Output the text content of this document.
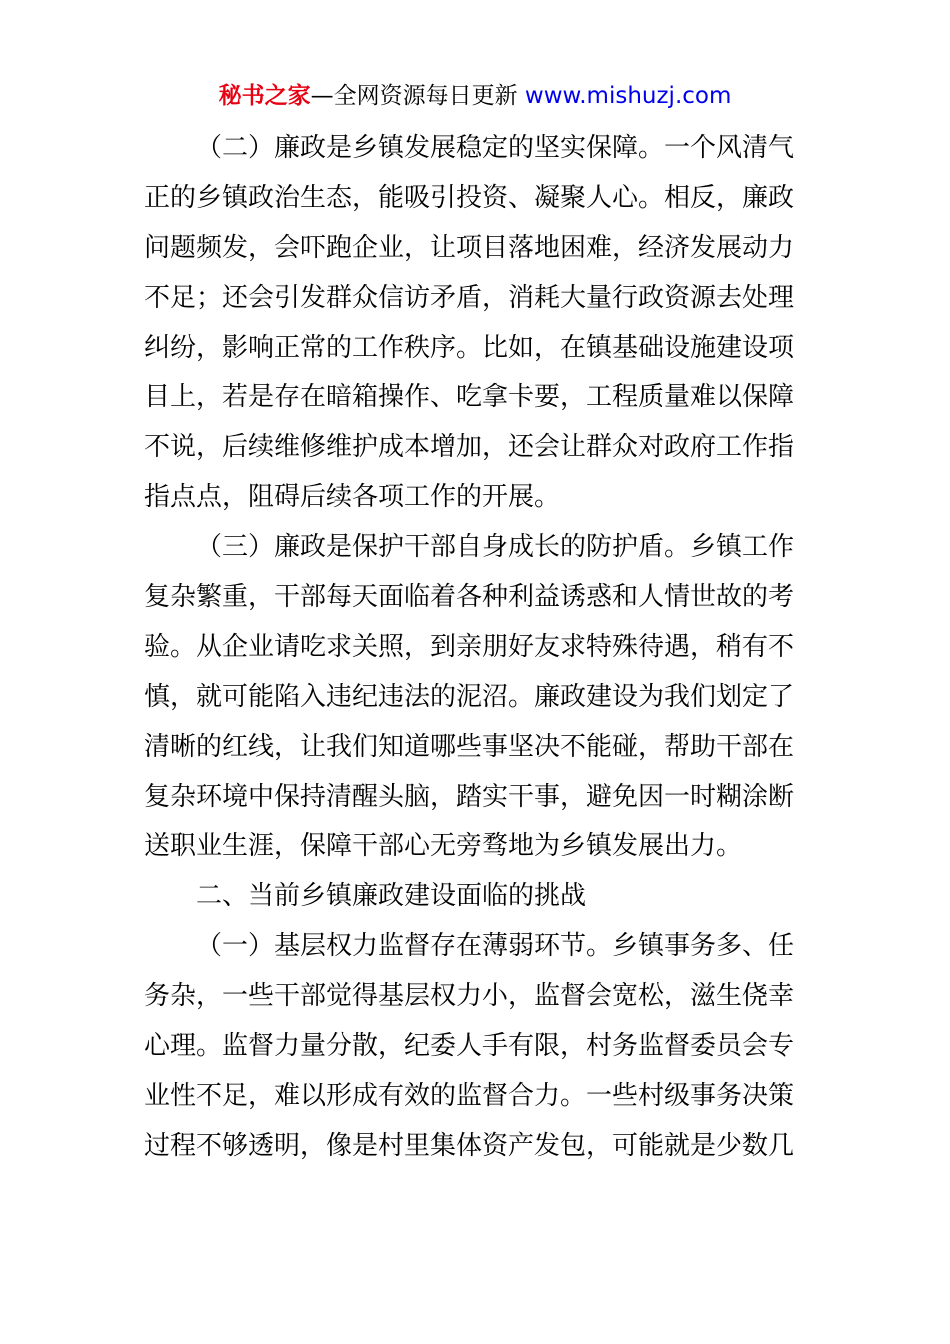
秘书之家—全网资源每日更新 www.mishuzj.com
（二）廉政是乡镇发展稳定的坚实保障。一个风清气
正的乡镇政治生态，能吸引投资、凝聚人心。相反，廉政
问题频发，会吓跑企业，让项目落地困难，经济发展动力
不足；还会引发群众信访矛盾，消耗大量行政资源去处理
纠纷，影响正常的工作秩序。比如，在镇基础设施建设项
目上，若是存在暗箱操作、吃拿卡要，工程质量难以保障
不说，后续维修维护成本增加，还会让群众对政府工作指
指点点，阻碍后续各项工作的开展。
（三）廉政是保护干部自身成长的防护盾。乡镇工作
复杂繁重，干部每天面临着各种利益诱惑和人情世故的考
验。从企业请吃求关照，到亲朋好友求特殊待遇，稍有不
慎，就可能陷入违纪违法的泥沼。廉政建设为我们划定了
清晰的红线，让我们知道哪些事坚决不能碰，帮助干部在
复杂环境中保持清醒头脑，踏实干事，避免因一时糊涂断
送职业生涯，保障干部心无旁骛地为乡镇发展出力。
二、当前乡镇廉政建设面临的挑战
（一）基层权力监督存在薄弱环节。乡镇事务多、任
务杂，一些干部觉得基层权力小，监督会宽松，滋生侥幸
心理。监督力量分散，纪委人手有限，村务监督委员会专
业性不足，难以形成有效的监督合力。一些村级事务决策
过程不够透明，像是村里集体资产发包，可能就是少数几
